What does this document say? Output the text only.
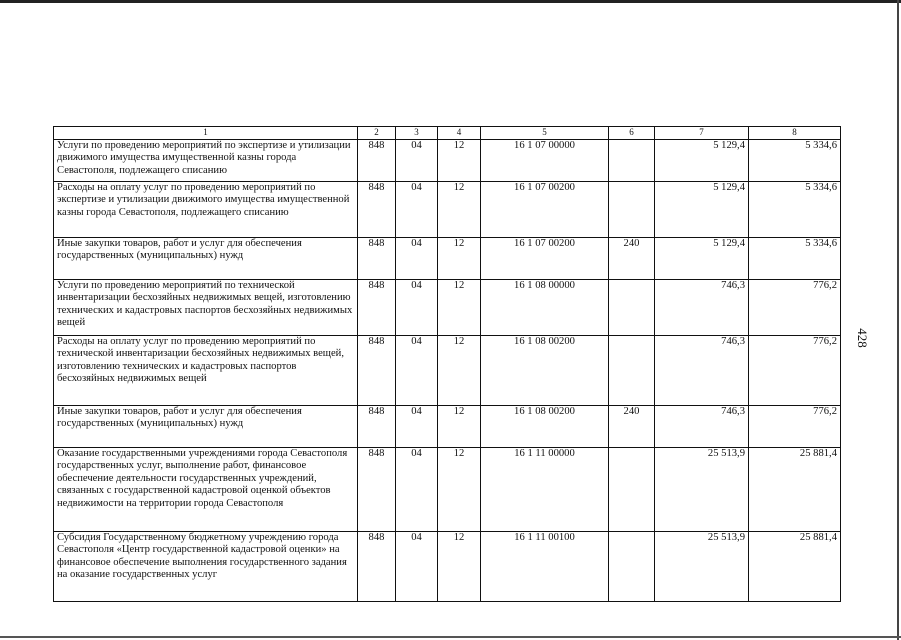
428
1	2	3	4	5	6	7	8
Услуги по проведению мероприятий по экспертизе и утилизации движимого имущества имущественной казны города Севастополя, подлежащего списанию	848	04	12	16 1 07 00000		5 129,4	5 334,6
Расходы на оплату услуг по проведению мероприятий по экспертизе и утилизации движимого имущества имущественной казны города Севастополя, подлежащего списанию	848	04	12	16 1 07 00200		5 129,4	5 334,6
Иные закупки товаров, работ и услуг для обеспечения государственных (муниципальных) нужд	848	04	12	16 1 07 00200	240	5 129,4	5 334,6
Услуги по проведению мероприятий по технической инвентаризации бесхозяйных недвижимых вещей, изготовлению технических и кадастровых паспортов бесхозяйных недвижимых вещей	848	04	12	16 1 08 00000		746,3	776,2
Расходы на оплату услуг по проведению мероприятий по технической инвентаризации бесхозяйных недвижимых вещей, изготовлению технических и кадастровых паспортов бесхозяйных недвижимых вещей	848	04	12	16 1 08 00200		746,3	776,2
Иные закупки товаров, работ и услуг для обеспечения государственных (муниципальных) нужд	848	04	12	16 1 08 00200	240	746,3	776,2
Оказание государственными учреждениями города Севастополя государственных услуг, выполнение работ, финансовое обеспечение деятельности государственных учреждений, связанных с государственной кадастровой оценкой объектов недвижимости на территории города Севастополя	848	04	12	16 1 11 00000		25 513,9	25 881,4
Субсидия Государственному бюджетному учреждению города Севастополя «Центр государственной кадастровой оценки» на финансовое обеспечение выполнения государственного задания на оказание государственных услуг	848	04	12	16 1 11 00100		25 513,9	25 881,4
